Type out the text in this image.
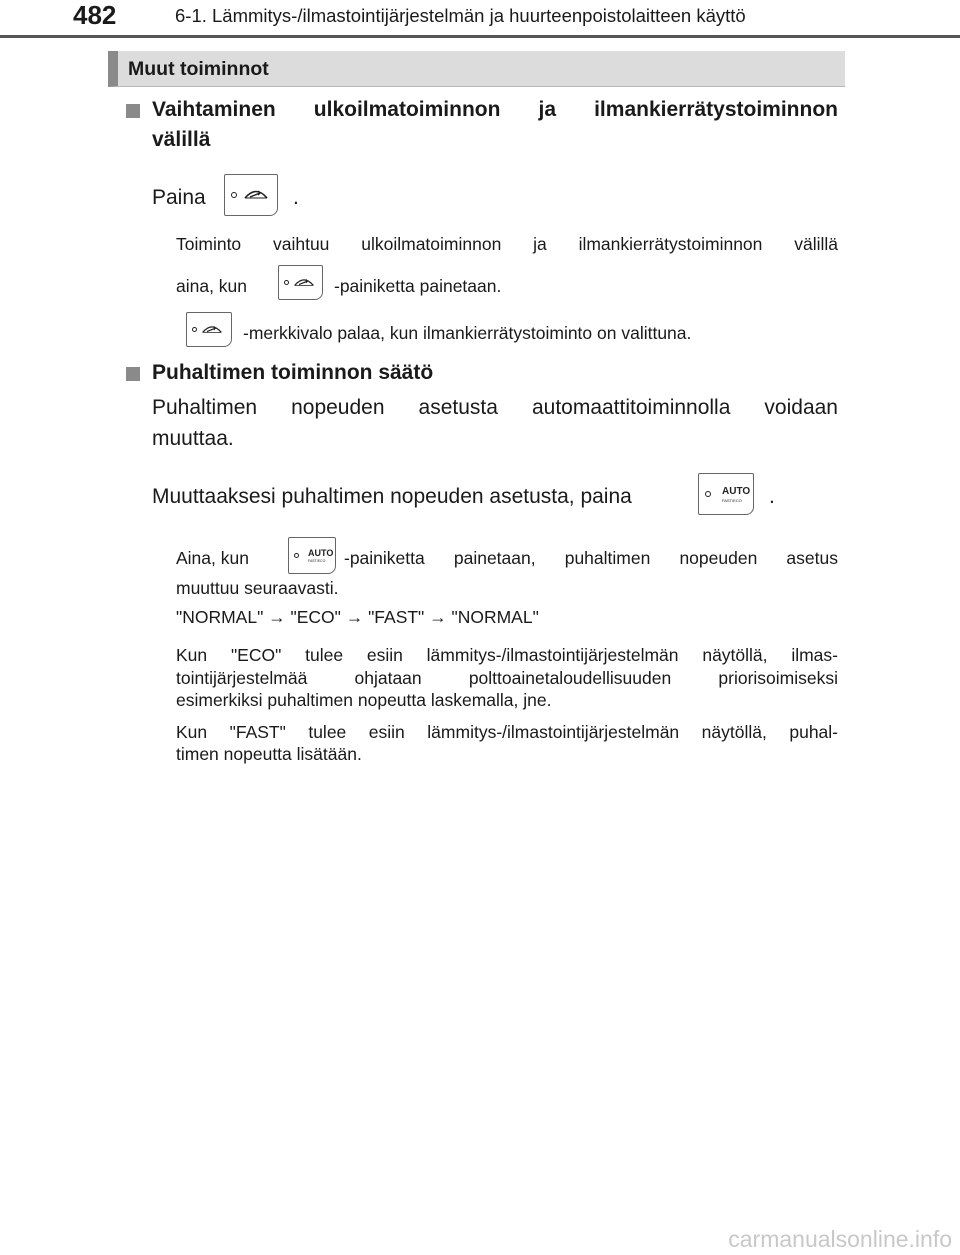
482	6-1. Lämmitys-/ilmastointijärjestelmän ja huurteenpoistolaitteen käyttö
Muut toiminnot
Vaihtaminen ulkoilmatoiminnon ja ilmankierrätystoiminnon
välillä
Paina	.
Toiminto vaihtuu ulkoilmatoiminnon ja ilmankierrätystoiminnon välillä
aina, kun	-painiketta painetaan.
-merkkivalo palaa, kun ilmankierrätystoiminto on valittuna.
Puhaltimen toiminnon säätö
Puhaltimen nopeuden asetusta automaattitoiminnolla voidaan
muuttaa.
Muuttaaksesi puhaltimen nopeuden asetusta, paina	AUTO
FAST/ECO .
Aina, kun	AUTO
FAST/ECO -painiketta painetaan, puhaltimen nopeuden asetus
muuttuu seuraavasti.
"NORMAL" → "ECO" → "FAST" → "NORMAL"
Kun "ECO" tulee esiin lämmitys-/ilmastointijärjestelmän näytöllä, ilmas-
tointijärjestelmää ohjataan polttoainetaloudellisuuden priorisoimiseksi
esimerkiksi puhaltimen nopeutta laskemalla, jne.
Kun "FAST" tulee esiin lämmitys-/ilmastointijärjestelmän näytöllä, puhal-
timen nopeutta lisätään.
carmanualsonline.info
